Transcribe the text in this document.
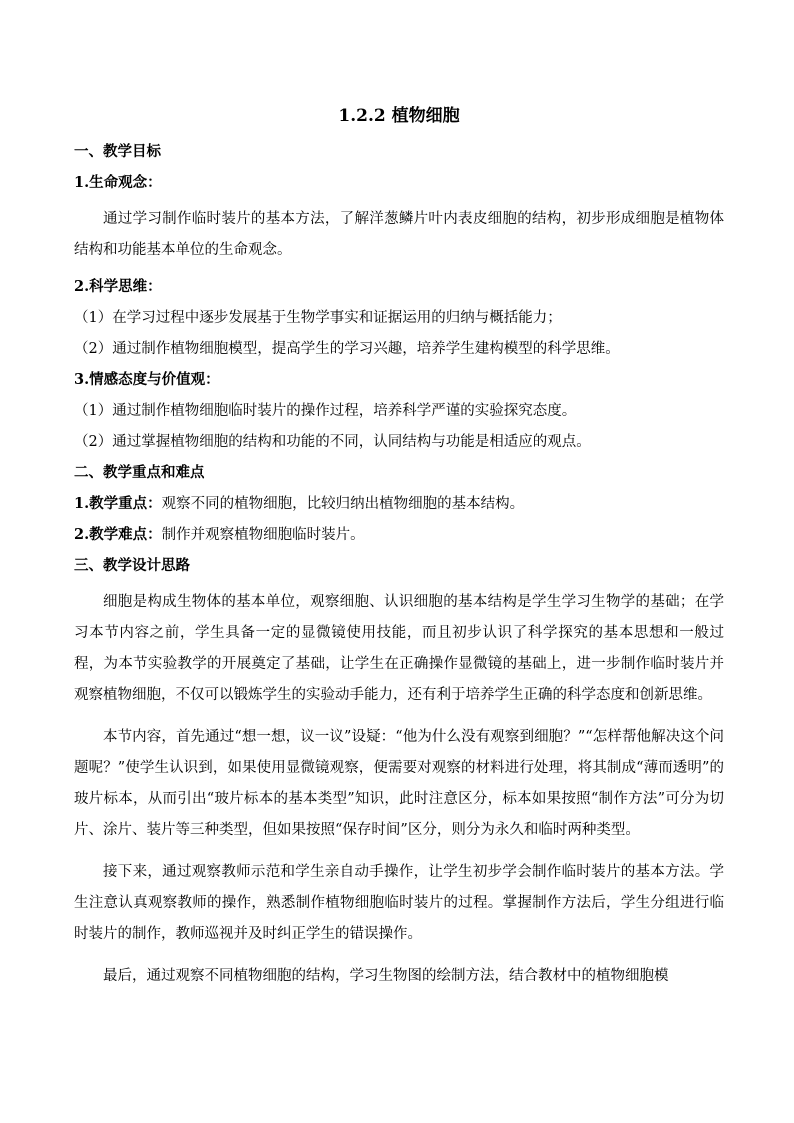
1.2.2 植物细胞
一、教学目标
1.生命观念：
通过学习制作临时装片的基本方法，了解洋葱鳞片叶内表皮细胞的结构，初步形成细胞是植物体结构和功能基本单位的生命观念。
2.科学思维：
（1）在学习过程中逐步发展基于生物学事实和证据运用的归纳与概括能力；
（2）通过制作植物细胞模型，提高学生的学习兴趣，培养学生建构模型的科学思维。
3.情感态度与价值观：
（1）通过制作植物细胞临时装片的操作过程，培养科学严谨的实验探究态度。
（2）通过掌握植物细胞的结构和功能的不同，认同结构与功能是相适应的观点。
二、教学重点和难点
1.教学重点：观察不同的植物细胞，比较归纳出植物细胞的基本结构。
2.教学难点：制作并观察植物细胞临时装片。
三、教学设计思路
细胞是构成生物体的基本单位，观察细胞、认识细胞的基本结构是学生学习生物学的基础；在学习本节内容之前，学生具备一定的显微镜使用技能，而且初步认识了科学探究的基本思想和一般过程，为本节实验教学的开展奠定了基础，让学生在正确操作显微镜的基础上，进一步制作临时装片并观察植物细胞，不仅可以锻炼学生的实验动手能力，还有利于培养学生正确的科学态度和创新思维。
本节内容，首先通过“想一想，议一议”设疑：“他为什么没有观察到细胞？”“怎样帮他解决这个问题呢？”使学生认识到，如果使用显微镜观察，便需要对观察的材料进行处理，将其制成“薄而透明”的玻片标本，从而引出“玻片标本的基本类型”知识，此时注意区分，标本如果按照“制作方法”可分为切片、涂片、装片等三种类型，但如果按照“保存时间”区分，则分为永久和临时两种类型。
接下来，通过观察教师示范和学生亲自动手操作，让学生初步学会制作临时装片的基本方法。学生注意认真观察教师的操作，熟悉制作植物细胞临时装片的过程。掌握制作方法后，学生分组进行临时装片的制作，教师巡视并及时纠正学生的错误操作。
最后，通过观察不同植物细胞的结构，学习生物图的绘制方法，结合教材中的植物细胞模
